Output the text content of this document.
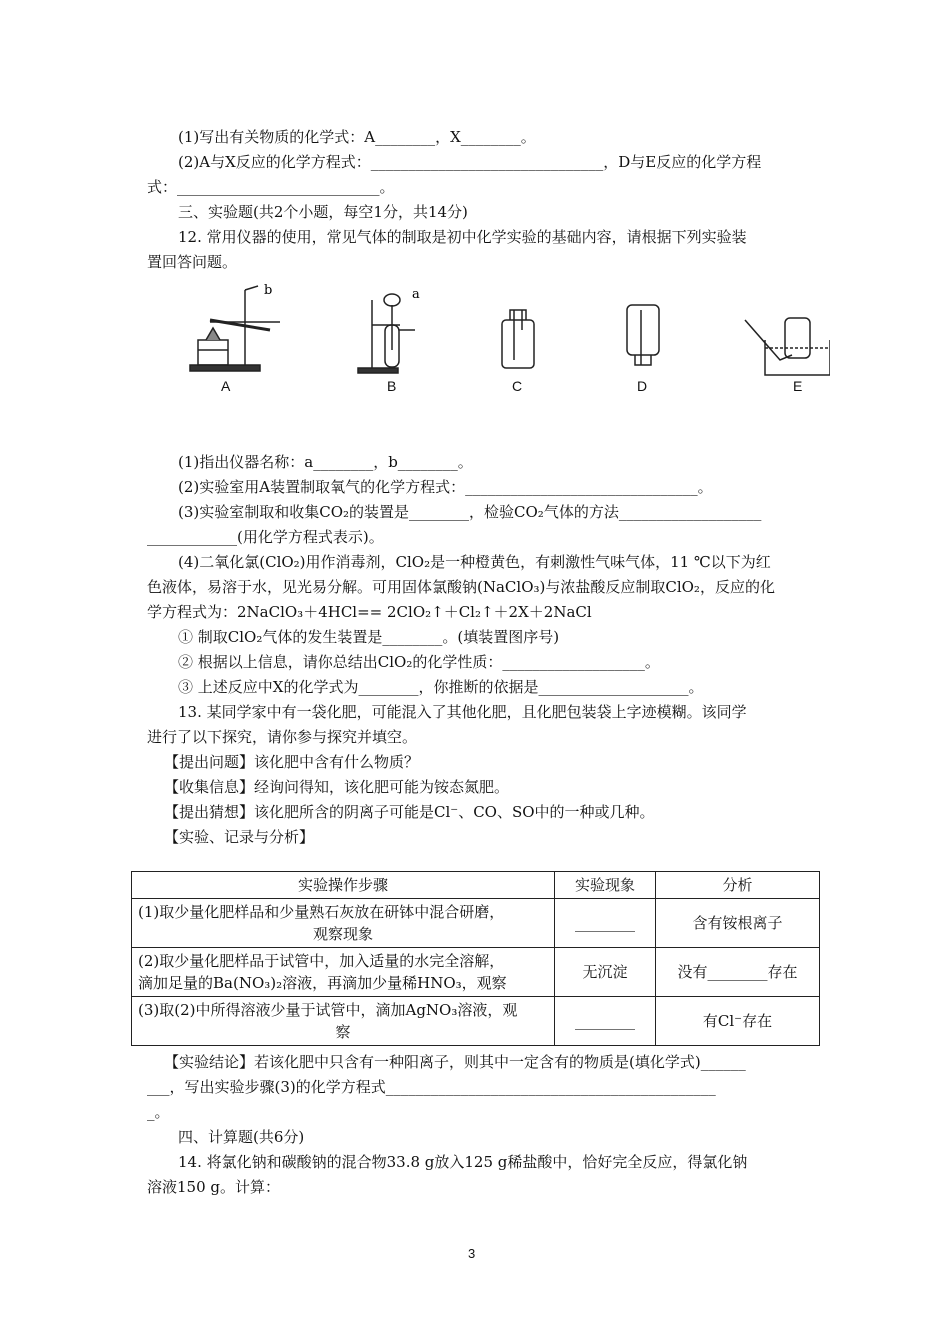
(1)写出有关物质的化学式：A________，X________。
(2)A与X反应的化学方程式：_______________________________，D与E反应的化学方程
式：___________________________。
三、实验题(共2个小题，每空1分，共14分)
12. 常用仪器的使用，常见气体的制取是初中化学实验的基础内容，请根据下列实验装
置回答问题。
b	a
A	B	C	D	E
(1)指出仪器名称：a________，b________。
(2)实验室用A装置制取氧气的化学方程式：_______________________________。
(3)实验室制取和收集CO₂的装置是________，检验CO₂气体的方法___________________
____________(用化学方程式表示)。
(4)二氧化氯(ClO₂)用作消毒剂，ClO₂是一种橙黄色，有刺激性气味气体，11 ℃以下为红
色液体，易溶于水，见光易分解。可用固体氯酸钠(NaClO₃)与浓盐酸反应制取ClO₂，反应的化
学方程式为：2NaClO₃＋4HCl== 2ClO₂↑＋Cl₂↑＋2X＋2NaCl
① 制取ClO₂气体的发生装置是________。(填装置图序号)
② 根据以上信息，请你总结出ClO₂的化学性质：___________________。
③ 上述反应中X的化学式为________，你推断的依据是____________________。
13. 某同学家中有一袋化肥，可能混入了其他化肥，且化肥包装袋上字迹模糊。该同学
进行了以下探究，请你参与探究并填空。
【提出问题】该化肥中含有什么物质？
【收集信息】经询问得知，该化肥可能为铵态氮肥。
【提出猜想】该化肥所含的阴离子可能是Cl⁻、CO、SO中的一种或几种。
【实验、记录与分析】
实验操作步骤	实验现象	分析

(1)取少量化肥样品和少量熟石灰放在研钵中混合研磨，
观察现象	________	含有铵根离子

(2)取少量化肥样品于试管中，加入适量的水完全溶解，
滴加足量的Ba(NO₃)₂溶液，再滴加少量稀HNO₃，观察	无沉淀	没有________存在

(3)取(2)中所得溶液少量于试管中，滴加AgNO₃溶液，观
察	________	有Cl⁻存在
【实验结论】若该化肥中只含有一种阳离子，则其中一定含有的物质是(填化学式)______
___，写出实验步骤(3)的化学方程式____________________________________________
_。
四、计算题(共6分)
14. 将氯化钠和碳酸钠的混合物33.8 g放入125 g稀盐酸中，恰好完全反应，得氯化钠
溶液150 g。计算：
3
